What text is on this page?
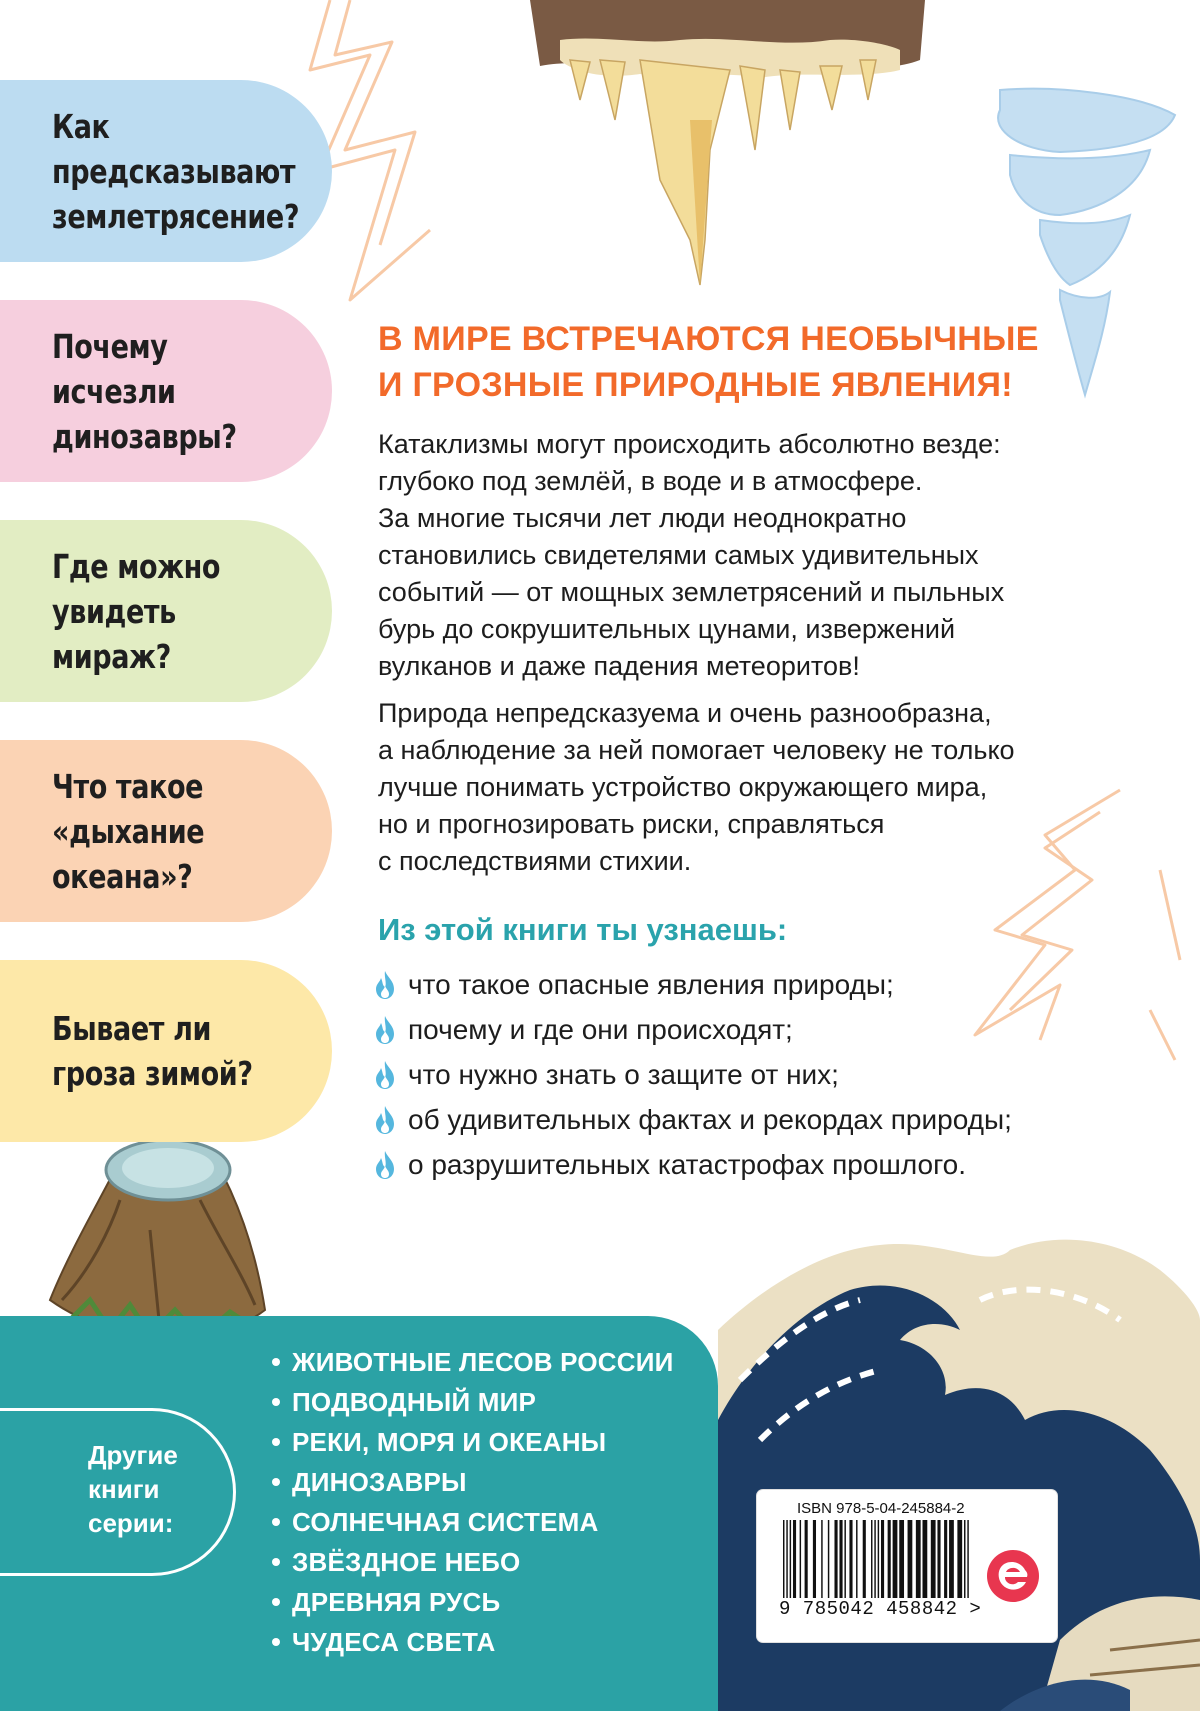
Как
предсказывают
землетрясение?
Почему исчезли
динозавры?
Где можно
увидеть мираж?
Что такое
«дыхание океана»?
Бывает ли
гроза зимой?
В МИРЕ ВСТРЕЧАЮТСЯ НЕОБЫЧНЫЕ
И ГРОЗНЫЕ ПРИРОДНЫЕ ЯВЛЕНИЯ!

Катаклизмы могут происходить абсолютно везде:
глубоко под землёй, в воде и в атмосфере.
За многие тысячи лет люди неоднократно
становились свидетелями самых удивительных
событий — от мощных землетрясений и пыльных
бурь до сокрушительных цунами, извержений
вулканов и даже падения метеоритов!

Природа непредсказуема и очень разнообразна,
а наблюдение за ней помогает человеку не только
лучше понимать устройство окружающего мира,
но и прогнозировать риски, справляться
с последствиями стихии.

Из этой книги ты узнаешь:
что такое опасные явления природы;
почему и где они происходят;
что нужно знать о защите от них;
об удивительных фактах и рекордах природы;
о разрушительных катастрофах прошлого.
Другие
книги
серии:
ЖИВОТНЫЕ ЛЕСОВ РОССИИ
ПОДВОДНЫЙ МИР
РЕКИ, МОРЯ И ОКЕАНЫ
ДИНОЗАВРЫ
СОЛНЕЧНАЯ СИСТЕМА
ЗВЁЗДНОЕ НЕБО
ДРЕВНЯЯ РУСЬ
ЧУДЕСА СВЕТА
ISBN 978-5-04-245884-2
9 785042 458842 >
